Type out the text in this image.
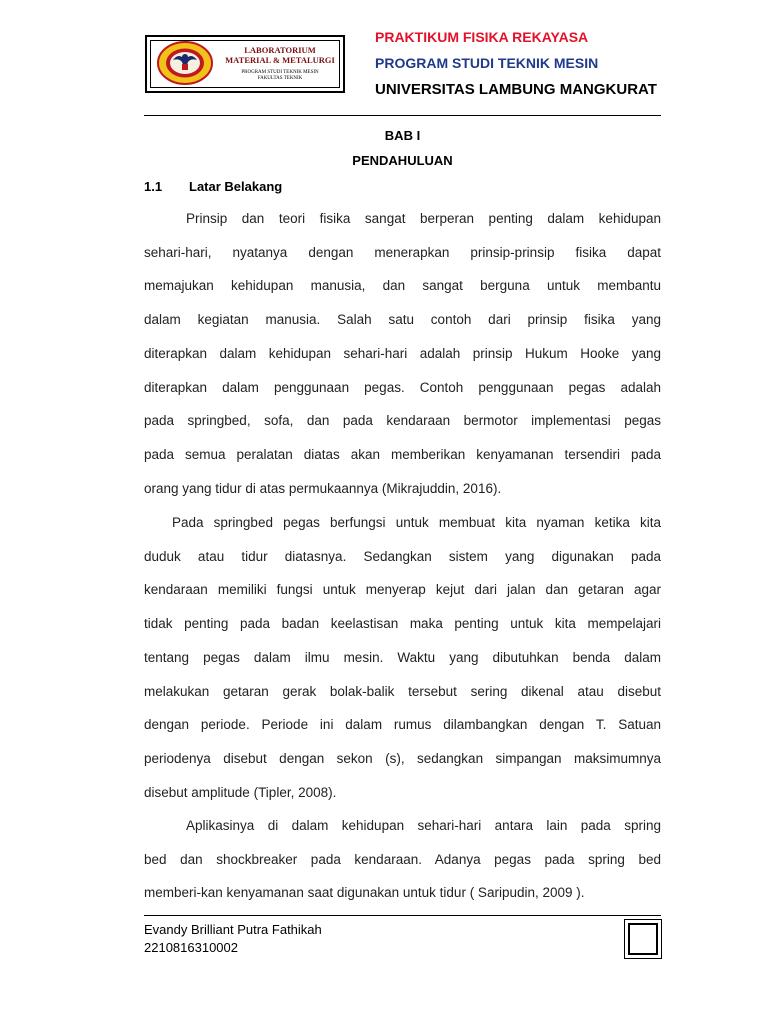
LABORATORIUM
MATERIAL & METALURGI
PROGRAM STUDI TEKNIK MESIN
FAKULTAS TEKNIK
PRAKTIKUM FISIKA REKAYASA
PROGRAM STUDI TEKNIK MESIN
UNIVERSITAS LAMBUNG MANGKURAT
BAB I
PENDAHULUAN
1.1 Latar Belakang
Prinsip dan teori fisika sangat berperan penting dalam kehidupan
sehari-hari, nyatanya dengan menerapkan prinsip-prinsip fisika dapat
memajukan kehidupan manusia, dan sangat berguna untuk membantu
dalam kegiatan manusia. Salah satu contoh dari prinsip fisika yang
diterapkan dalam kehidupan sehari-hari adalah prinsip Hukum Hooke yang
diterapkan dalam penggunaan pegas. Contoh penggunaan pegas adalah
pada springbed, sofa, dan pada kendaraan bermotor implementasi pegas
pada semua peralatan diatas akan memberikan kenyamanan tersendiri pada
orang yang tidur di atas permukaannya (Mikrajuddin, 2016).
Pada springbed pegas berfungsi untuk membuat kita nyaman ketika kita
duduk atau tidur diatasnya. Sedangkan sistem yang digunakan pada
kendaraan memiliki fungsi untuk menyerap kejut dari jalan dan getaran agar
tidak penting pada badan keelastisan maka penting untuk kita mempelajari
tentang pegas dalam ilmu mesin. Waktu yang dibutuhkan benda dalam
melakukan getaran gerak bolak-balik tersebut sering dikenal atau disebut
dengan periode. Periode ini dalam rumus dilambangkan dengan T. Satuan
periodenya disebut dengan sekon (s), sedangkan simpangan maksimumnya
disebut amplitude (Tipler, 2008).
Aplikasinya di dalam kehidupan sehari-hari antara lain pada spring
bed dan shockbreaker pada kendaraan. Adanya pegas pada spring bed
memberi-kan kenyamanan saat digunakan untuk tidur ( Saripudin, 2009 ).
Evandy Brilliant Putra Fathikah
2210816310002
